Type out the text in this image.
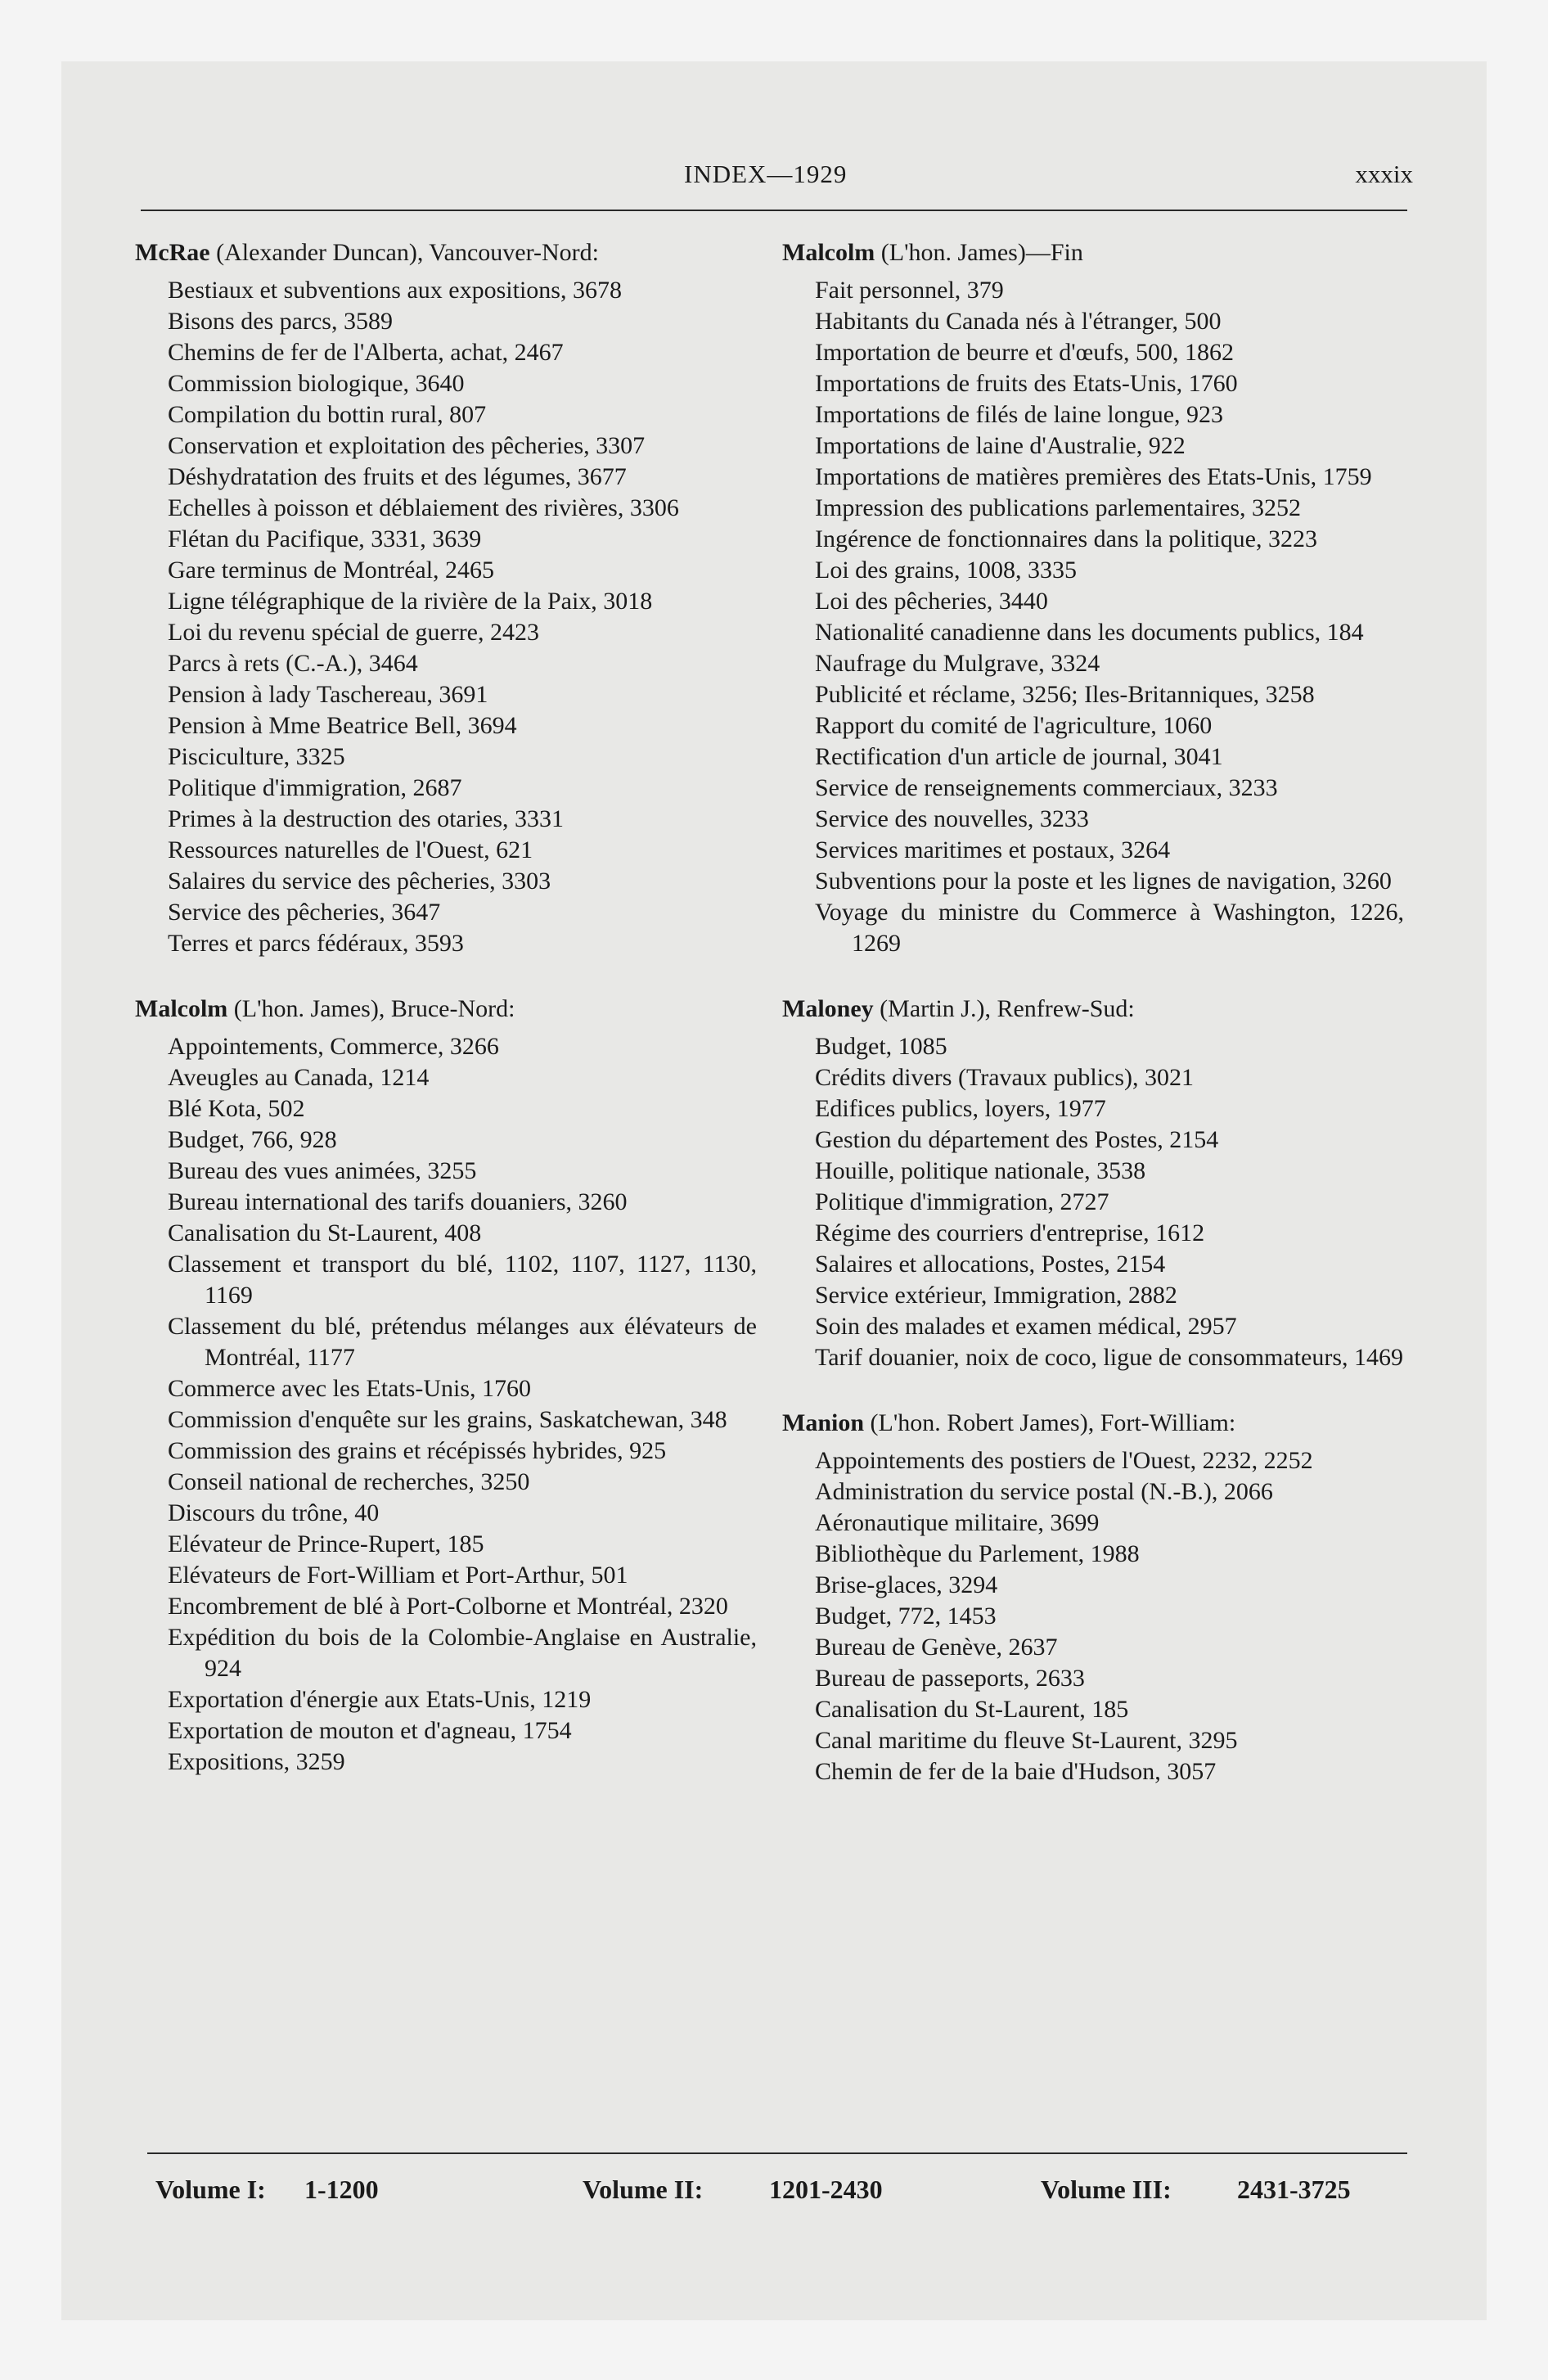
INDEX—1929	xxxix
McRae (Alexander Duncan), Vancouver-Nord:

Bestiaux et subventions aux expositions, 3678

Bisons des parcs, 3589

Chemins de fer de l'Alberta, achat, 2467

Commission biologique, 3640

Compilation du bottin rural, 807

Conservation et exploitation des pêcheries, 3307

Déshydratation des fruits et des légumes, 3677

Echelles à poisson et déblaiement des rivières, 3306

Flétan du Pacifique, 3331, 3639

Gare terminus de Montréal, 2465

Ligne télégraphique de la rivière de la Paix, 3018

Loi du revenu spécial de guerre, 2423

Parcs à rets (C.-A.), 3464

Pension à lady Taschereau, 3691

Pension à Mme Beatrice Bell, 3694

Pisciculture, 3325

Politique d'immigration, 2687

Primes à la destruction des otaries, 3331

Ressources naturelles de l'Ouest, 621

Salaires du service des pêcheries, 3303

Service des pêcheries, 3647

Terres et parcs fédéraux, 3593

Malcolm (L'hon. James), Bruce-Nord:

Appointements, Commerce, 3266

Aveugles au Canada, 1214

Blé Kota, 502

Budget, 766, 928

Bureau des vues animées, 3255

Bureau international des tarifs douaniers, 3260

Canalisation du St-Laurent, 408

Classement et transport du blé, 1102, 1107, 1127, 1130, 1169

Classement du blé, prétendus mélanges aux élévateurs de Montréal, 1177

Commerce avec les Etats-Unis, 1760

Commission d'enquête sur les grains, Saskatchewan, 348

Commission des grains et récépissés hybrides, 925

Conseil national de recherches, 3250

Discours du trône, 40

Elévateur de Prince-Rupert, 185

Elévateurs de Fort-William et Port-Arthur, 501

Encombrement de blé à Port-Colborne et Montréal, 2320

Expédition du bois de la Colombie-Anglaise en Australie, 924

Exportation d'énergie aux Etats-Unis, 1219

Exportation de mouton et d'agneau, 1754

Expositions, 3259

Malcolm (L'hon. James)—Fin

Fait personnel, 379

Habitants du Canada nés à l'étranger, 500

Importation de beurre et d'œufs, 500, 1862

Importations de fruits des Etats-Unis, 1760

Importations de filés de laine longue, 923

Importations de laine d'Australie, 922

Importations de matières premières des Etats-Unis, 1759

Impression des publications parlementaires, 3252

Ingérence de fonctionnaires dans la politique, 3223

Loi des grains, 1008, 3335

Loi des pêcheries, 3440

Nationalité canadienne dans les documents publics, 184

Naufrage du Mulgrave, 3324

Publicité et réclame, 3256; Iles-Britanniques, 3258

Rapport du comité de l'agriculture, 1060

Rectification d'un article de journal, 3041

Service de renseignements commerciaux, 3233

Service des nouvelles, 3233

Services maritimes et postaux, 3264

Subventions pour la poste et les lignes de navigation, 3260

Voyage du ministre du Commerce à Washington, 1226, 1269

Maloney (Martin J.), Renfrew-Sud:

Budget, 1085

Crédits divers (Travaux publics), 3021

Edifices publics, loyers, 1977

Gestion du département des Postes, 2154

Houille, politique nationale, 3538

Politique d'immigration, 2727

Régime des courriers d'entreprise, 1612

Salaires et allocations, Postes, 2154

Service extérieur, Immigration, 2882

Soin des malades et examen médical, 2957

Tarif douanier, noix de coco, ligue de consommateurs, 1469

Manion (L'hon. Robert James), Fort-William:

Appointements des postiers de l'Ouest, 2232, 2252

Administration du service postal (N.-B.), 2066

Aéronautique militaire, 3699

Bibliothèque du Parlement, 1988

Brise-glaces, 3294

Budget, 772, 1453

Bureau de Genève, 2637

Bureau de passeports, 2633

Canalisation du St-Laurent, 185

Canal maritime du fleuve St-Laurent, 3295

Chemin de fer de la baie d'Hudson, 3057

Volume I: 1-1200	Volume II:	1201-2430	Volume III:	2431-3725
